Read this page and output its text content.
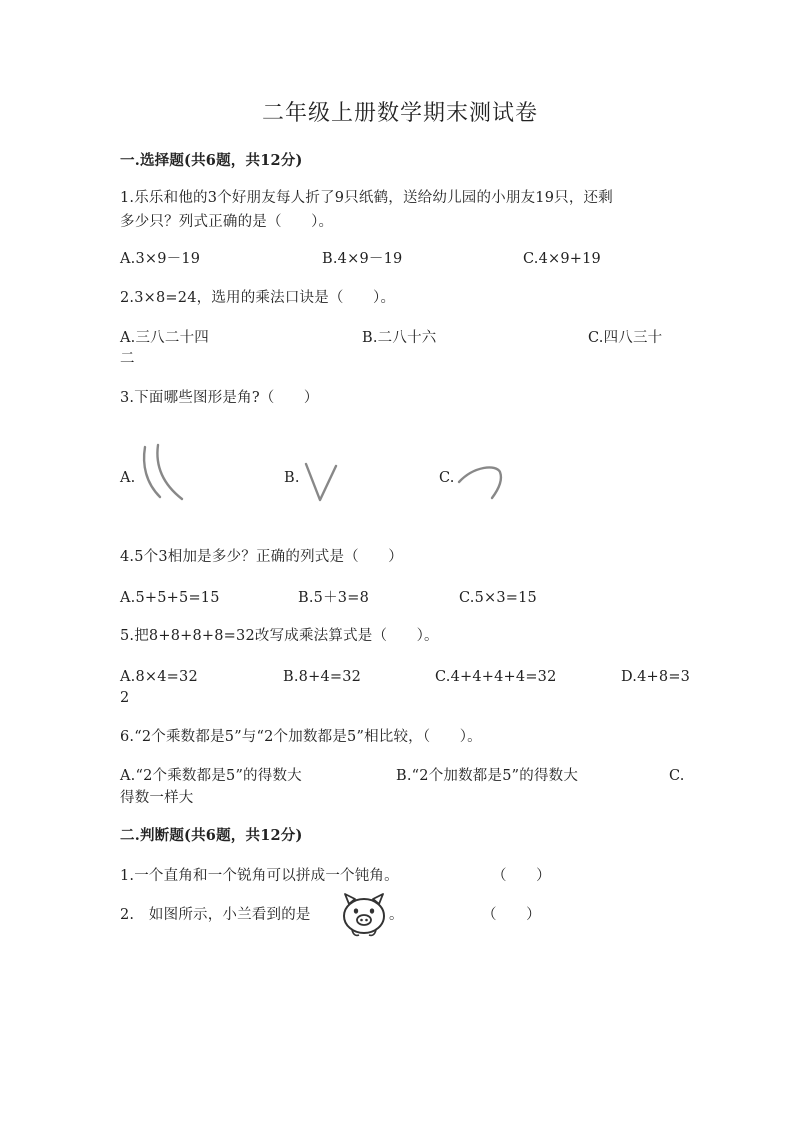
二年级上册数学期末测试卷
一.选择题(共6题，共12分)
1.乐乐和他的3个好朋友每人折了9只纸鹤，送给幼儿园的小朋友19只，还剩
多少只？列式正确的是（　　）。
A.3×9－19	B.4×9－19	C.4×9+19
2.3×8=24，选用的乘法口诀是（　　）。
A.三八二十四	B.二八十六	C.四八三十
二
3.下面哪些图形是角?（　　）
A.	B.	C.
4.5个3相加是多少？正确的列式是（　　）
A.5+5+5=15	B.5＋3=8	C.5×3=15
5.把8+8+8+8=32改写成乘法算式是（　　）。
A.8×4=32	B.8+4=32	C.4+4+4+4=32	D.4+8=3
2
6.“2个乘数都是5”与“2个加数都是5”相比较，（　　）。
A.“2个乘数都是5”的得数大	B.“2个加数都是5”的得数大	C.
得数一样大
二.判断题(共6题，共12分)
1.一个直角和一个锐角可以拼成一个钝角。	（　　）
2.　如图所示，小兰看到的是	。	（　　）
